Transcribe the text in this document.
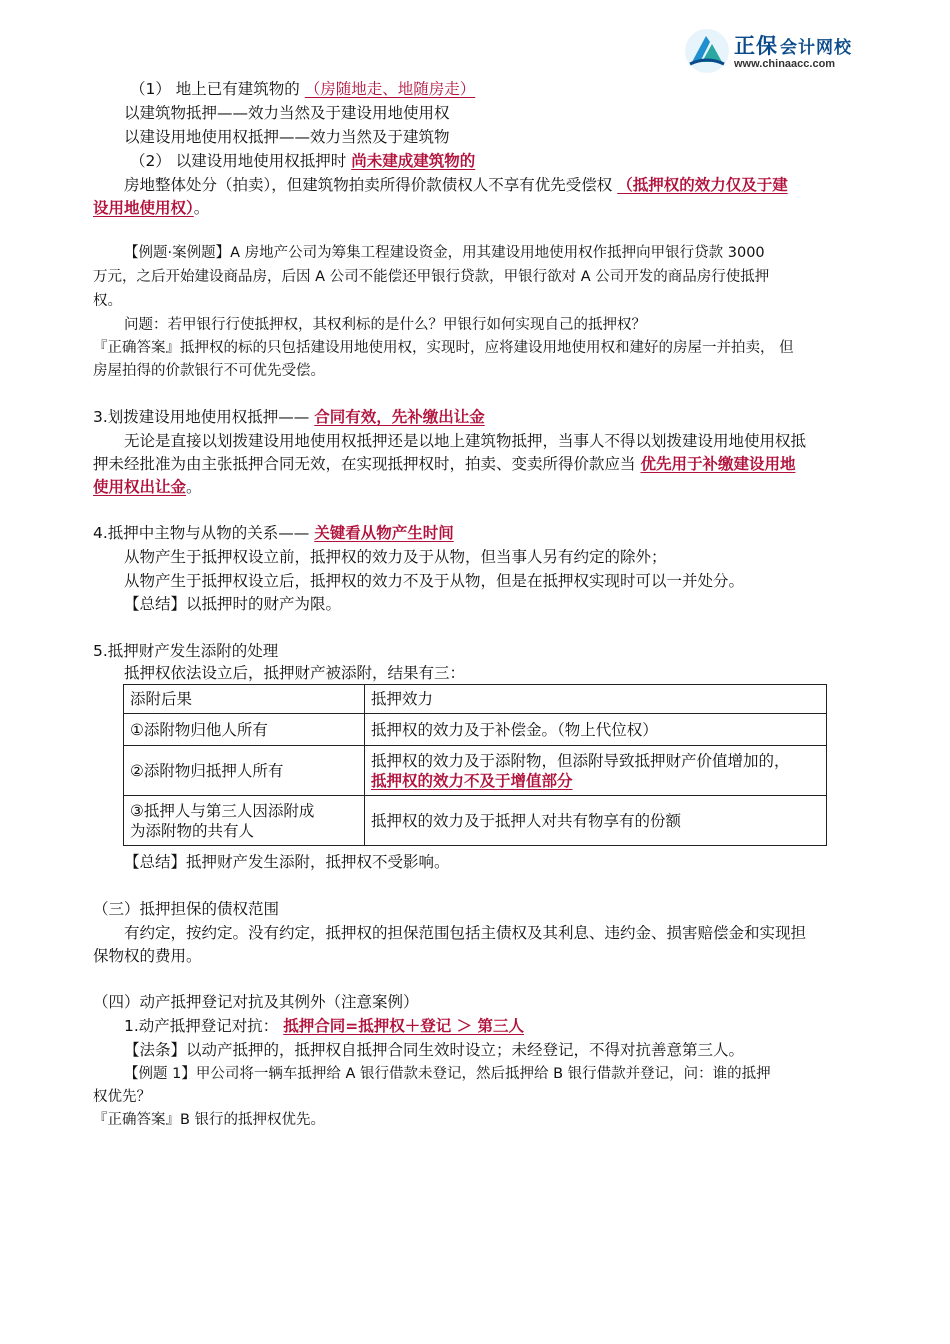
正保 会计网校
www.chinaacc.com
（1） 地上已有建筑物的 （房随地走、地随房走）
以建筑物抵押——效力当然及于建设用地使用权
以建设用地使用权抵押——效力当然及于建筑物
（2） 以建设用地使用权抵押时 尚未建成建筑物的
房地整体处分（拍卖），但建筑物拍卖所得价款债权人不享有优先受偿权 （抵押权的效力仅及于建
设用地使用权）。
【例题·案例题】A 房地产公司为筹集工程建设资金，用其建设用地使用权作抵押向甲银行贷款 3000
万元，之后开始建设商品房，后因 A 公司不能偿还甲银行贷款，甲银行欲对 A 公司开发的商品房行使抵押
权。
问题：若甲银行行使抵押权，其权利标的是什么？甲银行如何实现自己的抵押权？
『正确答案』抵押权的标的只包括建设用地使用权，实现时，应将建设用地使用权和建好的房屋一并拍卖， 但
房屋拍得的价款银行不可优先受偿。
3.划拨建设用地使用权抵押—— 合同有效，先补缴出让金
无论是直接以划拨建设用地使用权抵押还是以地上建筑物抵押，当事人不得以划拨建设用地使用权抵
押未经批准为由主张抵押合同无效，在实现抵押权时，拍卖、变卖所得价款应当 优先用于补缴建设用地
使用权出让金。
4.抵押中主物与从物的关系—— 关键看从物产生时间
从物产生于抵押权设立前，抵押权的效力及于从物，但当事人另有约定的除外；
从物产生于抵押权设立后，抵押权的效力不及于从物，但是在抵押权实现时可以一并处分。
【总结】以抵押时的财产为限。
5.抵押财产发生添附的处理
抵押权依法设立后，抵押财产被添附，结果有三：
添附后果	抵押效力
①添附物归他人所有	抵押权的效力及于补偿金。（物上代位权）
②添附物归抵押人所有	抵押权的效力及于添附物，但添附导致抵押财产价值增加的，
抵押权的效力不及于增值部分

③抵押人与第三人因添附成
为添附物的共有人	抵押权的效力及于抵押人对共有物享有的份额
【总结】抵押财产发生添附，抵押权不受影响。
（三）抵押担保的债权范围
有约定，按约定。没有约定，抵押权的担保范围包括主债权及其利息、违约金、损害赔偿金和实现担
保物权的费用。
（四）动产抵押登记对抗及其例外（注意案例）
1.动产抵押登记对抗： 抵押合同=抵押权＋登记 ＞ 第三人
【法条】以动产抵押的，抵押权自抵押合同生效时设立；未经登记，不得对抗善意第三人。
【例题 1】甲公司将一辆车抵押给 A 银行借款未登记，然后抵押给 B 银行借款并登记，问：谁的抵押
权优先？
『正确答案』B 银行的抵押权优先。
